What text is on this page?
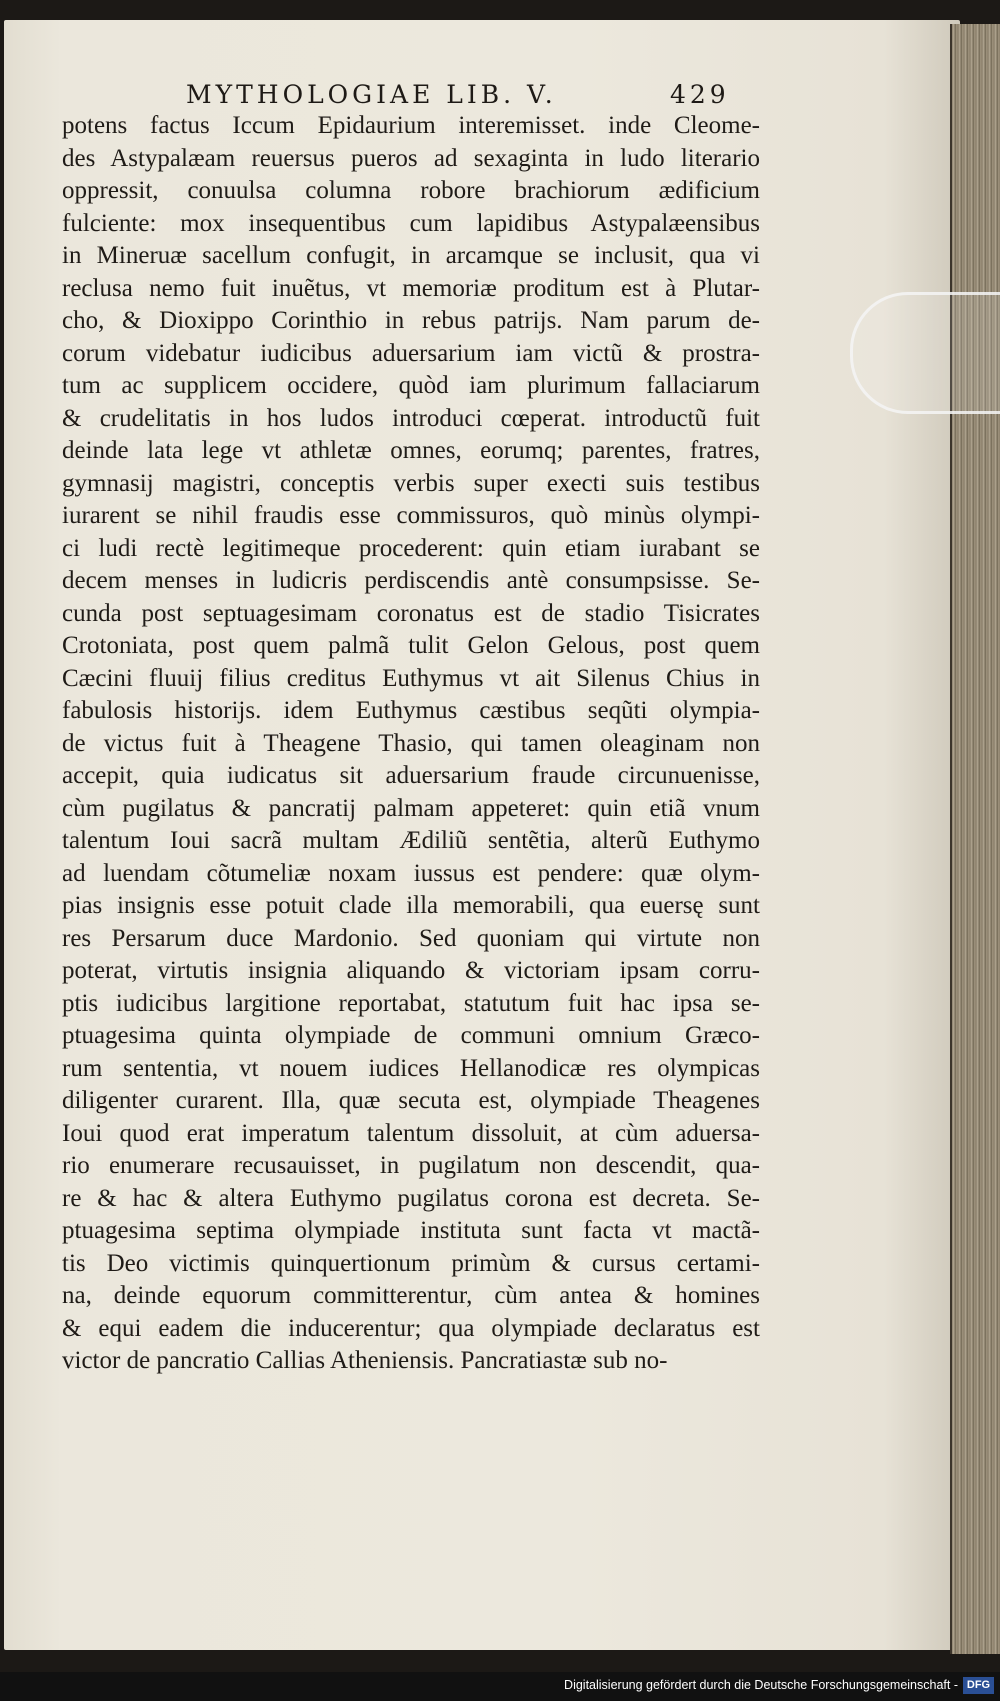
MYTHOLOGIAE LIB. V.	429
potens factus Iccum Epidaurium interemisset. inde Cleome-
des Astypalæam reuersus pueros ad sexaginta in ludo literario
oppressit, conuulsa columna robore brachiorum ædificium
fulciente: mox insequentibus cum lapidibus Astypalæensibus
in Mineruæ sacellum confugit, in arcamque se inclusit, qua vi
reclusa nemo fuit inuẽtus, vt memoriæ proditum est à Plutar-
cho, & Dioxippo Corinthio in rebus patrijs. Nam parum de-
corum videbatur iudicibus aduersarium iam victũ & prostra-
tum ac supplicem occidere, quòd iam plurimum fallaciarum
& crudelitatis in hos ludos introduci cœperat. introductũ fuit
deinde lata lege vt athletæ omnes, eorumq; parentes, fratres,
gymnasij magistri, conceptis verbis super execti suis testibus
iurarent se nihil fraudis esse commissuros, quò minùs olympi-
ci ludi rectè legitimeque procederent: quin etiam iurabant se
decem menses in ludicris perdiscendis antè consumpsisse. Se-
cunda post septuagesimam coronatus est de stadio Tisicrates
Crotoniata, post quem palmã tulit Gelon Gelous, post quem
Cæcini fluuij filius creditus Euthymus vt ait Silenus Chius in
fabulosis historijs. idem Euthymus cæstibus seqũti olympia-
de victus fuit à Theagene Thasio, qui tamen oleaginam non
accepit, quia iudicatus sit aduersarium fraude circunuenisse,
cùm pugilatus & pancratij palmam appeteret: quin etiã vnum
talentum Ioui sacrã multam Ædiliũ sentẽtia, alterũ Euthymo
ad luendam cõtumeliæ noxam iussus est pendere: quæ olym-
pias insignis esse potuit clade illa memorabili, qua euersę sunt
res Persarum duce Mardonio. Sed quoniam qui virtute non
poterat, virtutis insignia aliquando & victoriam ipsam corru-
ptis iudicibus largitione reportabat, statutum fuit hac ipsa se-
ptuagesima quinta olympiade de communi omnium Græco-
rum sententia, vt nouem iudices Hellanodicæ res olympicas
diligenter curarent. Illa, quæ secuta est, olympiade Theagenes
Ioui quod erat imperatum talentum dissoluit, at cùm aduersa-
rio enumerare recusauisset, in pugilatum non descendit, qua-
re & hac & altera Euthymo pugilatus corona est decreta. Se-
ptuagesima septima olympiade instituta sunt facta vt mactã-
tis Deo victimis quinquertionum primùm & cursus certami-
na, deinde equorum committerentur, cùm antea & homines
& equi eadem die inducerentur; qua olympiade declaratus est
victor de pancratio Callias Atheniensis. Pancratiastæ sub no-
Digitalisierung gefördert durch die Deutsche Forschungsgemeinschaft - DFG
